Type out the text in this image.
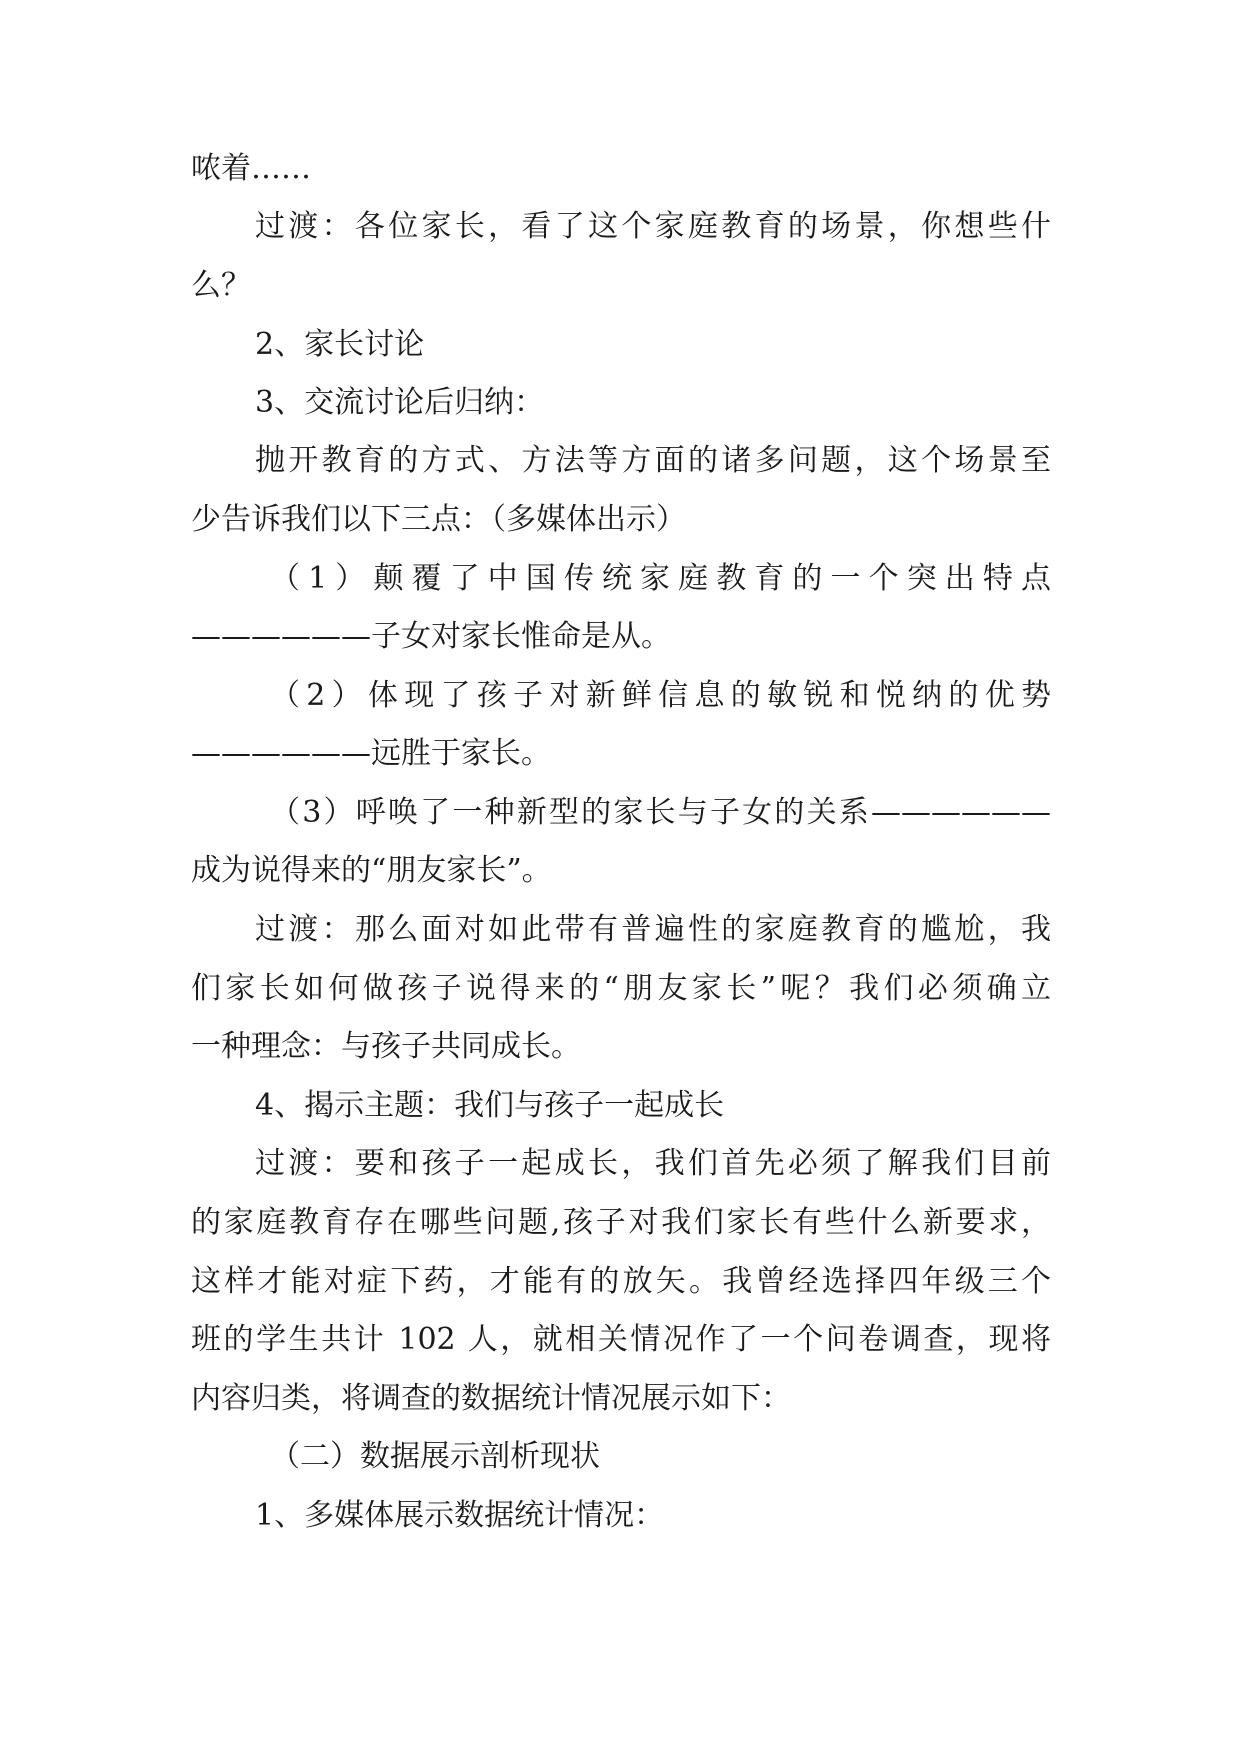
哝着……
过渡：各位家长，看了这个家庭教育的场景，你想些什
么？
2、家长讨论
3、交流讨论后归纳：
抛开教育的方式、方法等方面的诸多问题，这个场景至
少告诉我们以下三点：（多媒体出示）
（1）颠覆了中国传统家庭教育的一个突出特点
——————子女对家长惟命是从。
（2）体现了孩子对新鲜信息的敏锐和悦纳的优势
——————远胜于家长。
（3）呼唤了一种新型的家长与子女的关系——————
成为说得来的“朋友家长”。
过渡：那么面对如此带有普遍性的家庭教育的尴尬，我
们家长如何做孩子说得来的“朋友家长”呢？我们必须确立
一种理念：与孩子共同成长。
4、揭示主题：我们与孩子一起成长
过渡：要和孩子一起成长，我们首先必须了解我们目前
的家庭教育存在哪些问题,孩子对我们家长有些什么新要求，
这样才能对症下药，才能有的放矢。我曾经选择四年级三个
班的学生共计 102 人，就相关情况作了一个问卷调查，现将
内容归类，将调查的数据统计情况展示如下：
（二）数据展示剖析现状
1、多媒体展示数据统计情况：
